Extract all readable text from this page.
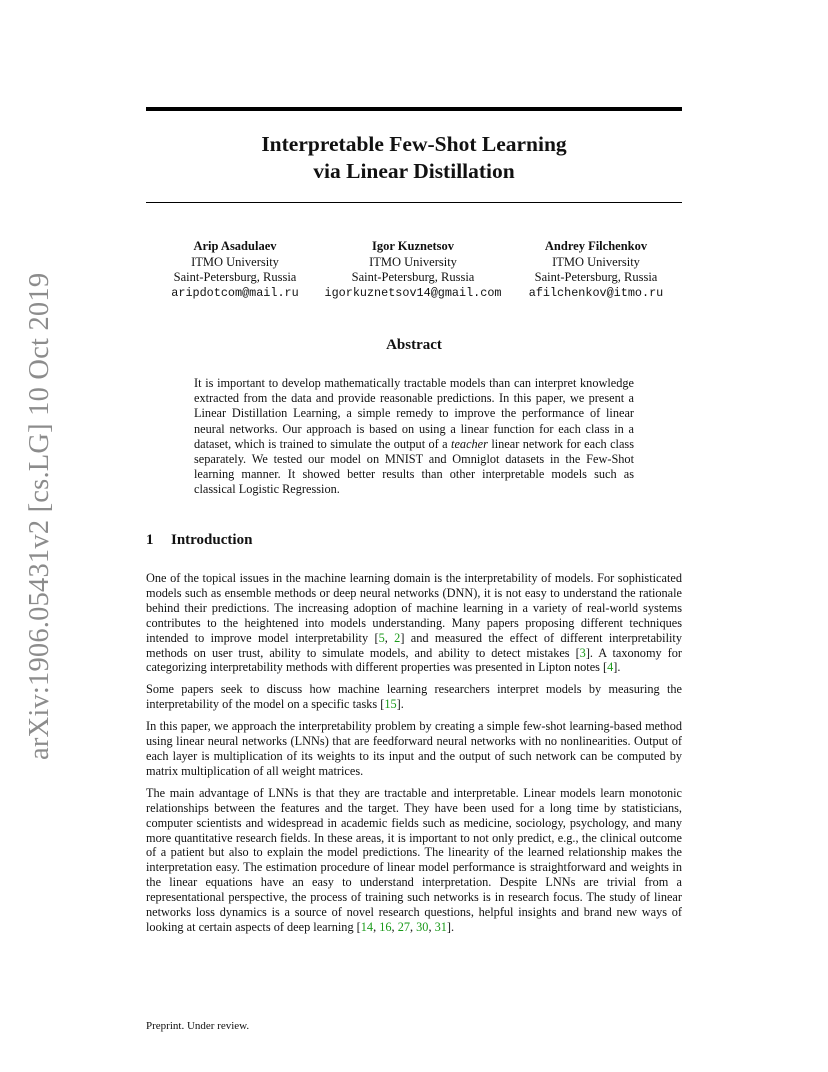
arXiv:1906.05431v2 [cs.LG] 10 Oct 2019
Interpretable Few-Shot Learning
via Linear Distillation
Arip Asadulaev
ITMO University
Saint-Petersburg, Russia
aripdotcom@mail.ru
Igor Kuznetsov
ITMO University
Saint-Petersburg, Russia
igorkuznetsov14@gmail.com
Andrey Filchenkov
ITMO University
Saint-Petersburg, Russia
afilchenkov@itmo.ru
Abstract
It is important to develop mathematically tractable models than can interpret knowledge extracted from the data and provide reasonable predictions. In this paper, we present a Linear Distillation Learning, a simple remedy to improve the performance of linear neural networks. Our approach is based on using a linear function for each class in a dataset, which is trained to simulate the output of a teacher linear network for each class separately. We tested our model on MNIST and Omniglot datasets in the Few-Shot learning manner. It showed better results than other interpretable models such as classical Logistic Regression.
1 Introduction

One of the topical issues in the machine learning domain is the interpretability of models. For sophisticated models such as ensemble methods or deep neural networks (DNN), it is not easy to understand the rationale behind their predictions. The increasing adoption of machine learning in a variety of real-world systems contributes to the heightened into models understanding. Many papers proposing different techniques intended to improve model interpretability [5, 2] and measured the effect of different interpretability methods on user trust, ability to simulate models, and ability to detect mistakes [3]. A taxonomy for categorizing interpretability methods with different properties was presented in Lipton notes [4].

Some papers seek to discuss how machine learning researchers interpret models by measuring the interpretability of the model on a specific tasks [15].

In this paper, we approach the interpretability problem by creating a simple few-shot learning-based method using linear neural networks (LNNs) that are feedforward neural networks with no nonlinearities. Output of each layer is multiplication of its weights to its input and the output of such network can be computed by matrix multiplication of all weight matrices.

The main advantage of LNNs is that they are tractable and interpretable. Linear models learn monotonic relationships between the features and the target. They have been used for a long time by statisticians, computer scientists and widespread in academic fields such as medicine, sociology, psychology, and many more quantitative research fields. In these areas, it is important to not only predict, e.g., the clinical outcome of a patient but also to explain the model predictions. The linearity of the learned relationship makes the interpretation easy. The estimation procedure of linear model performance is straightforward and weights in the linear equations have an easy to understand interpretation. Despite LNNs are trivial from a representational perspective, the process of training such networks is in research focus. The study of linear networks loss dynamics is a source of novel research questions, helpful insights and brand new ways of looking at certain aspects of deep learning [14, 16, 27, 30, 31].

Preprint. Under review.
